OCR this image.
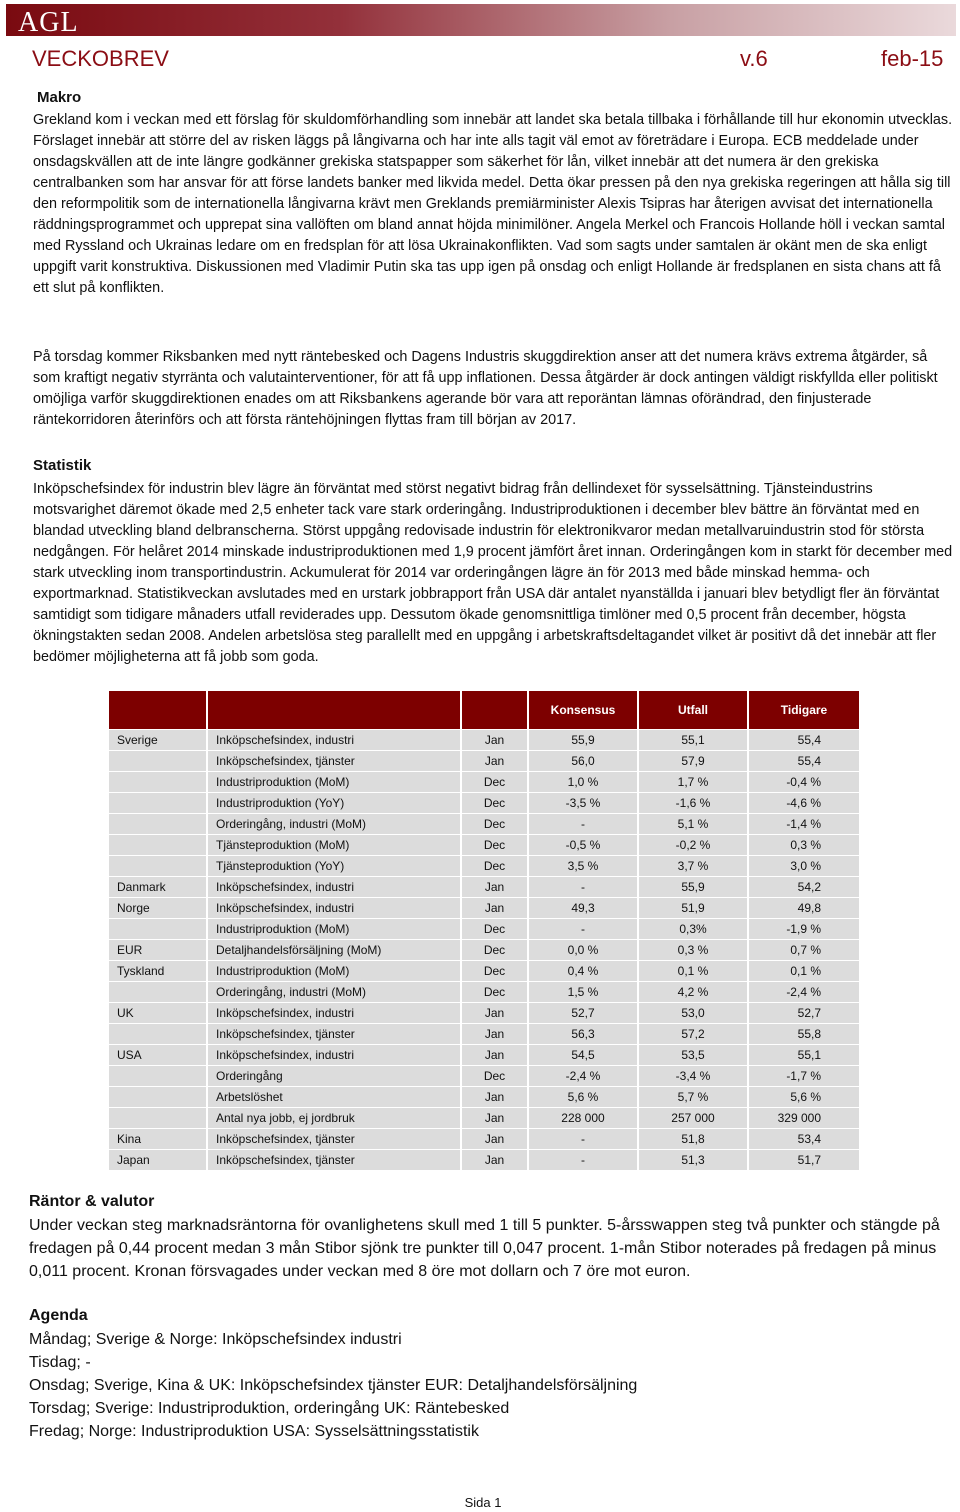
AGL
VECKOBREV	v.6	feb-15
Makro

Grekland kom i veckan med ett förslag för skuldomförhandling som innebär att landet ska betala tillbaka i förhållande till hur ekonomin utvecklas. Förslaget innebär att större del av risken läggs på långivarna och har inte alls tagit väl emot av företrädare i Europa. ECB meddelade under onsdagskvällen att de inte längre godkänner grekiska statspapper som säkerhet för lån, vilket innebär att det numera är den grekiska centralbanken som har ansvar för att förse landets banker med likvida medel. Detta ökar pressen på den nya grekiska regeringen att hålla sig till den reformpolitik som de internationella långivarna krävt men Greklands premiärminister Alexis Tsipras har återigen avvisat det internationella räddningsprogrammet och upprepat sina vallöften om bland annat höjda minimilöner. Angela Merkel och Francois Hollande höll i veckan samtal med Ryssland och Ukrainas ledare om en fredsplan för att lösa Ukrainakonflikten. Vad som sagts under samtalen är okänt men de ska enligt uppgift varit konstruktiva. Diskussionen med Vladimir Putin ska tas upp igen på onsdag och enligt Hollande är fredsplanen en sista chans att få ett slut på konflikten.

På torsdag kommer Riksbanken med nytt räntebesked och Dagens Industris skuggdirektion anser att det numera krävs extrema åtgärder, så som kraftigt negativ styrränta och valutainterventioner, för att få upp inflationen. Dessa åtgärder är dock antingen väldigt riskfyllda eller politiskt omöjliga varför skuggdirektionen enades om att Riksbankens agerande bör vara att reporäntan lämnas oförändrad, den finjusterade räntekorridoren återinförs och att första räntehöjningen flyttas fram till början av 2017.

Statistik

Inköpschefsindex för industrin blev lägre än förväntat med störst negativt bidrag från dellindexet för sysselsättning. Tjänsteindustrins motsvarighet däremot ökade med 2,5 enheter tack vare stark orderingång. Industriproduktionen i december blev bättre än förväntat med en blandad utveckling bland delbranscherna. Störst uppgång redovisade industrin för elektronikvaror medan metallvaruindustrin stod för största nedgången. För helåret 2014 minskade industriproduktionen med 1,9 procent jämfört året innan. Orderingången kom in starkt för december med stark utveckling inom transportindustrin. Ackumulerat för 2014 var orderingången lägre än för 2013 med både minskad hemma- och exportmarknad. Statistikveckan avslutades med en urstark jobbrapport från USA där antalet nyanställda i januari blev betydligt fler än förväntat samtidigt som tidigare månaders utfall reviderades upp. Dessutom ökade genomsnittliga timlöner med 0,5 procent från december, högsta ökningstakten sedan 2008. Andelen arbetslösa steg parallellt med en uppgång i arbetskraftsdeltagandet vilket är positivt då det innebär att fler bedömer möjligheterna att få jobb som goda.

			Konsensus	Utfall	Tidigare
Sverige	Inköpschefsindex, industri	Jan	55,9	55,1	55,4
	Inköpschefsindex, tjänster	Jan	56,0	57,9	55,4
	Industriproduktion (MoM)	Dec	1,0 %	1,7 %	-0,4 %
	Industriproduktion (YoY)	Dec	-3,5 %	-1,6 %	-4,6 %
	Orderingång, industri (MoM)	Dec	-	5,1 %	-1,4 %
	Tjänsteproduktion (MoM)	Dec	-0,5 %	-0,2 %	0,3 %
	Tjänsteproduktion (YoY)	Dec	3,5 %	3,7 %	3,0 %
Danmark	Inköpschefsindex, industri	Jan	-	55,9	54,2
Norge	Inköpschefsindex, industri	Jan	49,3	51,9	49,8
	Industriproduktion (MoM)	Dec	-	0,3%	-1,9 %
EUR	Detaljhandelsförsäljning (MoM)	Dec	0,0 %	0,3 %	0,7 %
Tyskland	Industriproduktion (MoM)	Dec	0,4 %	0,1 %	0,1 %
	Orderingång, industri (MoM)	Dec	1,5 %	4,2 %	-2,4 %
UK	Inköpschefsindex, industri	Jan	52,7	53,0	52,7
	Inköpschefsindex, tjänster	Jan	56,3	57,2	55,8
USA	Inköpschefsindex, industri	Jan	54,5	53,5	55,1
	Orderingång	Dec	-2,4 %	-3,4 %	-1,7 %
	Arbetslöshet	Jan	5,6 %	5,7 %	5,6 %
	Antal nya jobb, ej jordbruk	Jan	228 000	257 000	329 000
Kina	Inköpschefsindex, tjänster	Jan	-	51,8	53,4
Japan	Inköpschefsindex, tjänster	Jan	-	51,3	51,7
Räntor & valutor

Under veckan steg marknadsräntorna för ovanlighetens skull med 1 till 5 punkter. 5-årsswappen steg två punkter och stängde på fredagen på 0,44 procent medan 3 mån Stibor sjönk tre punkter till 0,047 procent. 1-mån Stibor noterades på fredagen på minus 0,011 procent. Kronan försvagades under veckan med 8 öre mot dollarn och 7 öre mot euron.

Agenda
Måndag; Sverige & Norge: Inköpschefsindex industri
Tisdag; -
Onsdag; Sverige, Kina & UK: Inköpschefsindex tjänster EUR: Detaljhandelsförsäljning
Torsdag; Sverige: Industriproduktion, orderingång UK: Räntebesked
Fredag; Norge: Industriproduktion USA: Sysselsättningsstatistik
Sida 1
